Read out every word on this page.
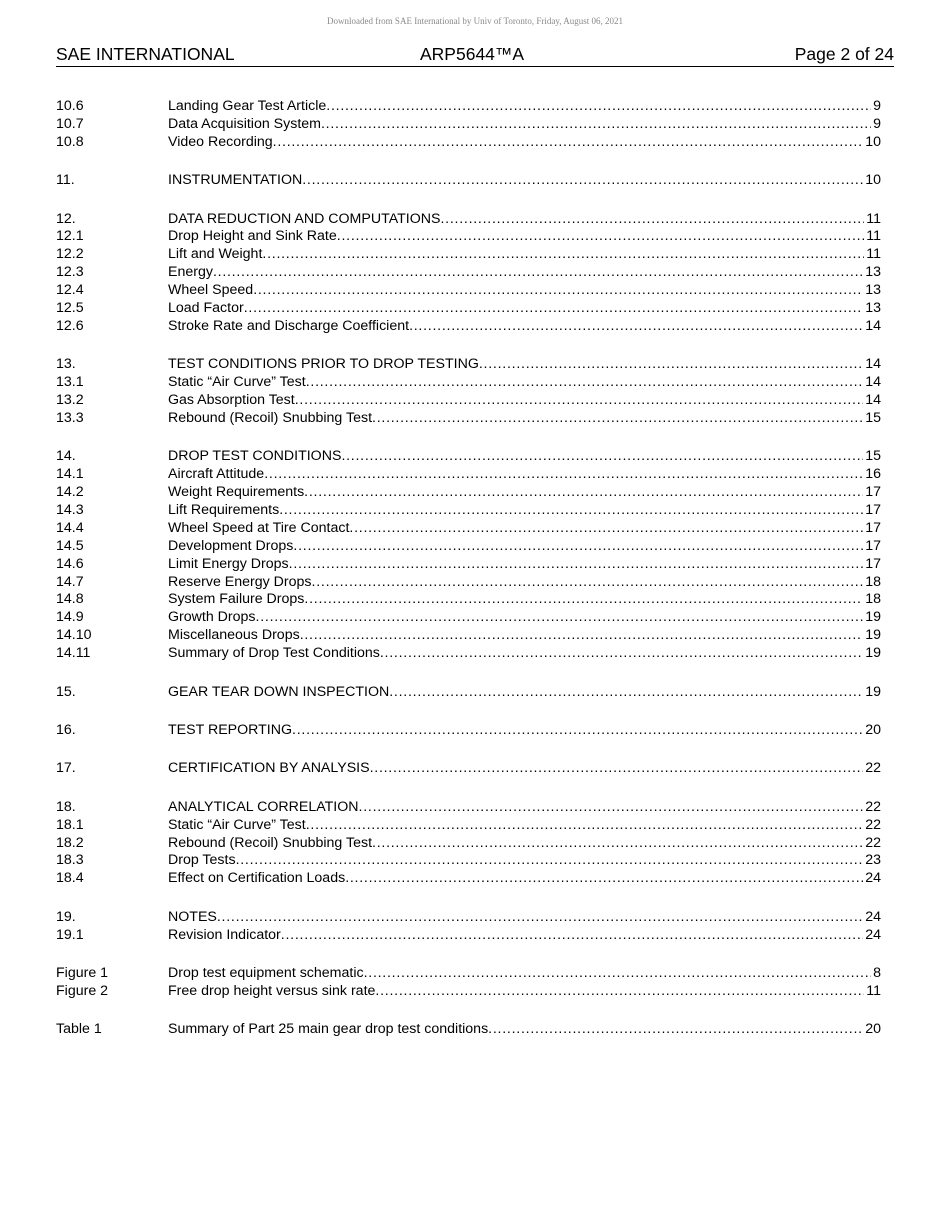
Downloaded from SAE International by Univ of Toronto, Friday, August 06, 2021
SAE INTERNATIONAL	ARP5644™A	Page 2 of 24
10.6	Landing Gear Test Article . . .	9
10.7	Data Acquisition System . . .	9
10.8	Video Recording . . .	10
11.	INSTRUMENTATION . . .	10
12.	DATA REDUCTION AND COMPUTATIONS . . .	11
12.1	Drop Height and Sink Rate . . .	11
12.2	Lift and Weight . . .	11
12.3	Energy . . .	13
12.4	Wheel Speed . . .	13
12.5	Load Factor . . .	13
12.6	Stroke Rate and Discharge Coefficient . . .	14
13.	TEST CONDITIONS PRIOR TO DROP TESTING . . .	14
13.1	Static “Air Curve” Test . . .	14
13.2	Gas Absorption Test . . .	14
13.3	Rebound (Recoil) Snubbing Test . . .	15
14.	DROP TEST CONDITIONS . . .	15
14.1	Aircraft Attitude . . .	16
14.2	Weight Requirements . . .	17
14.3	Lift Requirements . . .	17
14.4	Wheel Speed at Tire Contact . . .	17
14.5	Development Drops . . .	17
14.6	Limit Energy Drops . . .	17
14.7	Reserve Energy Drops . . .	18
14.8	System Failure Drops . . .	18
14.9	Growth Drops . . .	19
14.10	Miscellaneous Drops . . .	19
14.11	Summary of Drop Test Conditions . . .	19
15.	GEAR TEAR DOWN INSPECTION . . .	19
16.	TEST REPORTING . . .	20
17.	CERTIFICATION BY ANALYSIS . . .	22
18.	ANALYTICAL CORRELATION . . .	22
18.1	Static “Air Curve” Test . . .	22
18.2	Rebound (Recoil) Snubbing Test . . .	22
18.3	Drop Tests . . .	23
18.4	Effect on Certification Loads . . .	24
19.	NOTES . . .	24
19.1	Revision Indicator . . .	24
Figure 1	Drop test equipment schematic . . .	8
Figure 2	Free drop height versus sink rate . . .	11
Table 1	Summary of Part 25 main gear drop test conditions . . .	20
